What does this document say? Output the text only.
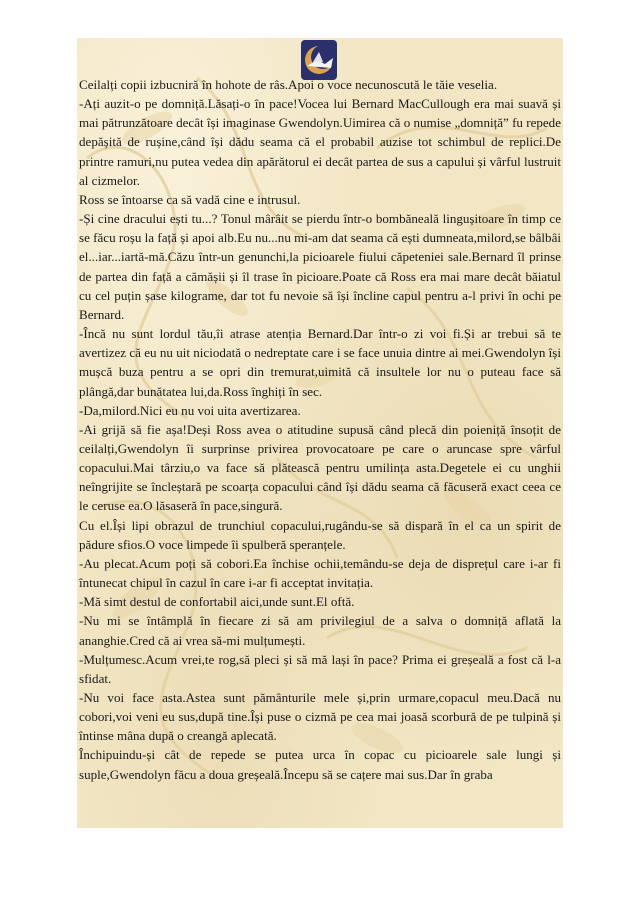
Ceilalți copii izbucniră în hohote de râs.Apoi o voce necunoscută le tăie veselia.

-Ați auzit-o pe domniță.Lăsați-o în pace!Vocea lui Bernard MacCullough era mai suavă și mai pătrunzătoare decât își imaginase Gwendolyn.Uimirea că o numise „domniță” fu repede depășită de rușine,când își dădu seama că el probabil auzise tot schimbul de replici.De printre ramuri,nu putea vedea din apărătorul ei decât partea de sus a capului și vârful lustruit al cizmelor.

Ross se întoarse ca să vadă cine e intrusul.

-Și cine dracului ești tu...? Tonul mârâit se pierdu într-o bombăneală lingușitoare în timp ce se făcu roșu la față și apoi alb.Eu nu...nu mi-am dat seama că ești dumneata,milord,se bâlbâi el...iar...iartă-mă.Căzu într-un genunchi,la picioarele fiului căpeteniei sale.Bernard îl prinse de partea din față a cămășii și îl trase în picioare.Poate că Ross era mai mare decât băiatul cu cel puțin șase kilograme, dar tot fu nevoie să își încline capul pentru a-l privi în ochi pe Bernard.

-Încă nu sunt lordul tău,îi atrase atenția Bernard.Dar într-o zi voi fi.Și ar trebui să te avertizez că eu nu uit niciodată o nedreptate care i se face unuia dintre ai mei.Gwendolyn își mușcă buza pentru a se opri din tremurat,uimită că insultele lor nu o puteau face să plângă,dar bunătatea lui,da.Ross înghiți în sec.

-Da,milord.Nici eu nu voi uita avertizarea.

-Ai grijă să fie așa!Deși Ross avea o atitudine supusă când plecă din poieniță însoțit de ceilalți,Gwendolyn îi surprinse privirea provocatoare pe care o aruncase spre vârful copacului.Mai târziu,o va face să plătească pentru umilința asta.Degetele ei cu unghii neîngrijite se încleștară pe scoarța copacului când își dădu seama că făcuseră exact ceea ce le ceruse ea.O lăsaseră în pace,singură.

Cu el.Își lipi obrazul de trunchiul copacului,rugându-se să dispară în el ca un spirit de pădure sfios.O voce limpede îi spulberă speranțele.

-Au plecat.Acum poți să cobori.Ea închise ochii,temându-se deja de disprețul care i-ar fi întunecat chipul în cazul în care i-ar fi acceptat invitația.

-Mă simt destul de confortabil aici,unde sunt.El oftă.

-Nu mi se întâmplă în fiecare zi să am privilegiul de a salva o domniță aflată la ananghie.Cred că ai vrea să-mi mulțumești.

-Mulțumesc.Acum vrei,te rog,să pleci și să mă lași în pace? Prima ei greșeală a fost că l-a sfidat.

-Nu voi face asta.Astea sunt pământurile mele și,prin urmare,copacul meu.Dacă nu cobori,voi veni eu sus,după tine.Își puse o cizmă pe cea mai joasă scorbură de pe tulpină și întinse mâna după o creangă aplecată.

Închipuindu-și cât de repede se putea urca în copac cu picioarele sale lungi și suple,Gwendolyn făcu a doua greșeală.Începu să se cațere mai sus.Dar în graba
